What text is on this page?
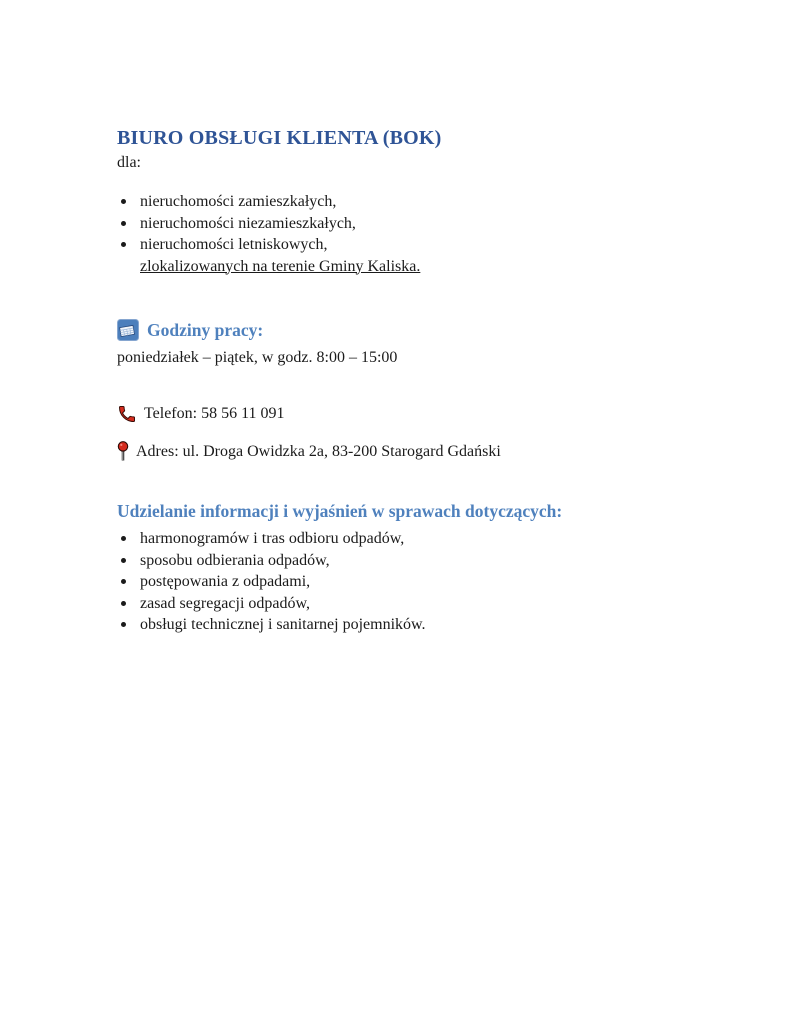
BIURO OBSŁUGI KLIENTA (BOK)
dla:
nieruchomości zamieszkałych,
nieruchomości niezamieszkałych,
nieruchomości letniskowych,
zlokalizowanych na terenie Gminy Kaliska.
Godziny pracy:
poniedziałek – piątek, w godz. 8:00 – 15:00
Telefon: 58 56 11 091
Adres: ul. Droga Owidzka 2a, 83-200 Starogard Gdański
Udzielanie informacji i wyjaśnień w sprawach dotyczących:
harmonogramów i tras odbioru odpadów,
sposobu odbierania odpadów,
postępowania z odpadami,
zasad segregacji odpadów,
obsługi technicznej i sanitarnej pojemników.
